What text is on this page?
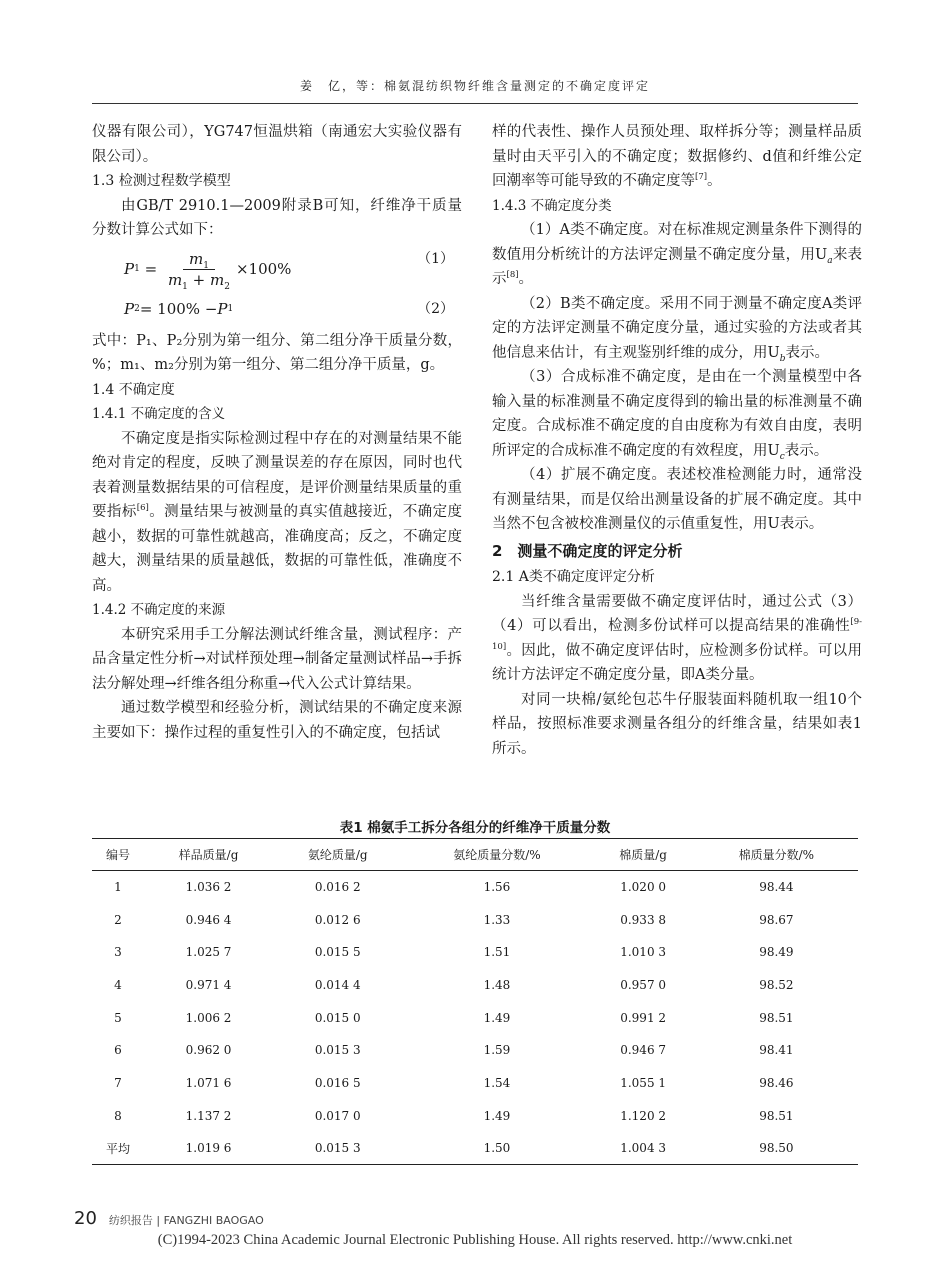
姜　亿，等：棉氨混纺织物纤维含量测定的不确定度评定

仪器有限公司），YG747恒温烘箱（南通宏大实验仪器有限公司）。

1.3 检测过程数学模型

由GB/T 2910.1—2009附录B可知，纤维净干质量分数计算公式如下：

P $1 = \frac{m_1}{m_1 + m_2} \times 100\%$
（1）
P 2 = 100% − P 1	（2）

式中：P₁、P₂分别为第一组分、第二组分净干质量分数，%；m₁、m₂分别为第一组分、第二组分净干质量，g。

1.4 不确定度

1.4.1 不确定度的含义

不确定度是指实际检测过程中存在的对测量结果不能绝对肯定的程度，反映了测量误差的存在原因，同时也代表着测量数据结果的可信程度，是评价测量结果质量的重要指标[6]。测量结果与被测量的真实值越接近，不确定度越小，数据的可靠性就越高，准确度高；反之，不确定度越大，测量结果的质量越低，数据的可靠性低，准确度不高。

1.4.2 不确定度的来源

本研究采用手工分解法测试纤维含量，测试程序：产品含量定性分析→对试样预处理→制备定量测试样品→手拆法分解处理→纤维各组分称重→代入公式计算结果。

通过数学模型和经验分析，测试结果的不确定度来源主要如下：操作过程的重复性引入的不确定度，包括试

样的代表性、操作人员预处理、取样拆分等；测量样品质量时由天平引入的不确定度；数据修约、d值和纤维公定回潮率等可能导致的不确定度等[7]。

1.4.3 不确定度分类

（1）A类不确定度。对在标准规定测量条件下测得的数值用分析统计的方法评定测量不确定度分量，用$U_a$来表示[8]。

（2）B类不确定度。采用不同于测量不确定度A类评定的方法评定测量不确定度分量，通过实验的方法或者其他信息来估计，有主观鉴别纤维的成分，用$U_b$表示。

（3）合成标准不确定度，是由在一个测量模型中各输入量的标准测量不确定度得到的输出量的标准测量不确定度。合成标准不确定度的自由度称为有效自由度，表明所评定的合成标准不确定度的有效程度，用$U_c$表示。

（4）扩展不确定度。表述校准检测能力时，通常没有测量结果，而是仅给出测量设备的扩展不确定度。其中当然不包含被校准测量仪的示值重复性，用U表示。

2　测量不确定度的评定分析

2.1 A类不确定度评定分析

当纤维含量需要做不确定度评估时，通过公式（3）（4）可以看出，检测多份试样可以提高结果的准确性[9-10]。因此，做不确定度评估时，应检测多份试样。可以用统计方法评定不确定度分量，即A类分量。

对同一块棉/氨纶包芯牛仔服装面料随机取一组10个样品，按照标准要求测量各组分的纤维含量，结果如表1所示。

表1 棉氨手工拆分各组分的纤维净干质量分数
编号	样品质量/g	氨纶质量/g	氨纶质量分数/%	棉质量/g	棉质量分数/%
1	1.036 2	0.016 2	1.56	1.020 0	98.44
2	0.946 4	0.012 6	1.33	0.933 8	98.67
3	1.025 7	0.015 5	1.51	1.010 3	98.49
4	0.971 4	0.014 4	1.48	0.957 0	98.52
5	1.006 2	0.015 0	1.49	0.991 2	98.51
6	0.962 0	0.015 3	1.59	0.946 7	98.41
7	1.071 6	0.016 5	1.54	1.055 1	98.46
8	1.137 2	0.017 0	1.49	1.120 2	98.51
平均	1.019 6	0.015 3	1.50	1.004 3	98.50
20 纺织报告 | FANGZHI BAOGAO
(C)1994-2023 China Academic Journal Electronic Publishing House. All rights reserved. http://www.cnki.net
